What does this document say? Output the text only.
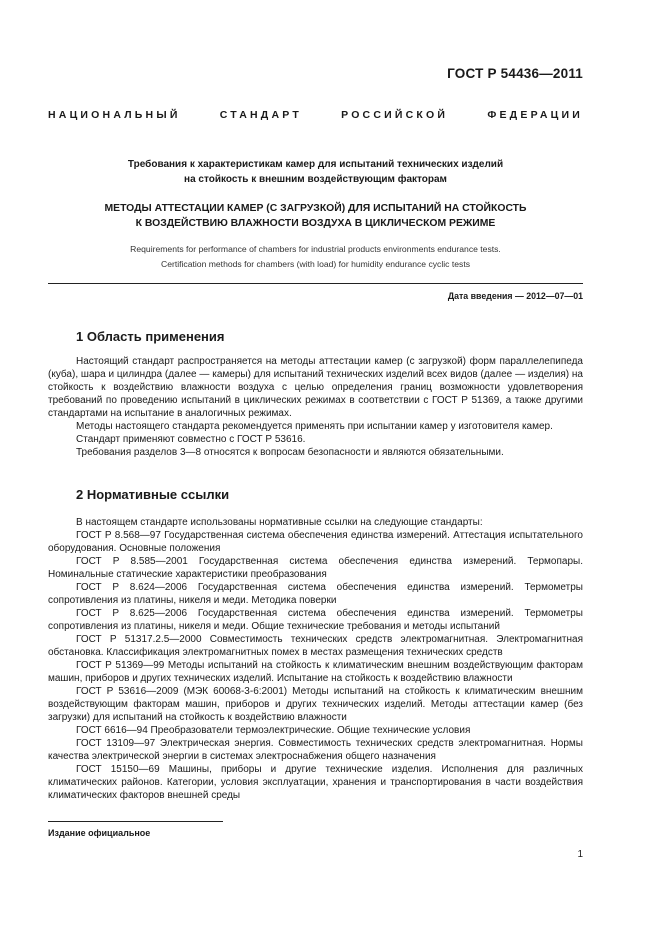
ГОСТ Р 54436—2011
НАЦИОНАЛЬНЫЙ СТАНДАРТ РОССИЙСКОЙ ФЕДЕРАЦИИ
Требования к характеристикам камер для испытаний технических изделий
на стойкость к внешним воздействующим факторам
МЕТОДЫ АТТЕСТАЦИИ КАМЕР (С ЗАГРУЗКОЙ) ДЛЯ ИСПЫТАНИЙ НА СТОЙКОСТЬ
К ВОЗДЕЙСТВИЮ ВЛАЖНОСТИ ВОЗДУХА В ЦИКЛИЧЕСКОМ РЕЖИМЕ
Requirements for performance of chambers for industrial products environments endurance tests.
Certification methods for chambers (with load) for humidity endurance cyclic tests
Дата введения — 2012—07—01
1 Область применения

Настоящий стандарт распространяется на методы аттестации камер (с загрузкой) форм параллелепипеда (куба), шара и цилиндра (далее — камеры) для испытаний технических изделий всех видов (далее — изделия) на стойкость к воздействию влажности воздуха с целью определения границ возможности удовлетворения требований по проведению испытаний в циклических режимах в соответствии с ГОСТ Р 51369, а также другими стандартами на испытание в аналогичных режимах.

Методы настоящего стандарта рекомендуется применять при испытании камер у изготовителя камер.

Стандарт применяют совместно с ГОСТ Р 53616.

Требования разделов 3—8 относятся к вопросам безопасности и являются обязательными.

2 Нормативные ссылки

В настоящем стандарте использованы нормативные ссылки на следующие стандарты:

ГОСТ Р 8.568—97 Государственная система обеспечения единства измерений. Аттестация испытательного оборудования. Основные положения

ГОСТ Р 8.585—2001 Государственная система обеспечения единства измерений. Термопары. Номинальные статические характеристики преобразования

ГОСТ Р 8.624—2006 Государственная система обеспечения единства измерений. Термометры сопротивления из платины, никеля и меди. Методика поверки

ГОСТ Р 8.625—2006 Государственная система обеспечения единства измерений. Термометры сопротивления из платины, никеля и меди. Общие технические требования и методы испытаний

ГОСТ Р 51317.2.5—2000 Совместимость технических средств электромагнитная. Электромагнитная обстановка. Классификация электромагнитных помех в местах размещения технических средств

ГОСТ Р 51369—99 Методы испытаний на стойкость к климатическим внешним воздействующим факторам машин, приборов и других технических изделий. Испытание на стойкость к воздействию влажности

ГОСТ Р 53616—2009 (МЭК 60068-3-6:2001) Методы испытаний на стойкость к климатическим внешним воздействующим факторам машин, приборов и других технических изделий. Методы аттестации камер (без загрузки) для испытаний на стойкость к воздействию влажности

ГОСТ 6616—94 Преобразователи термоэлектрические. Общие технические условия

ГОСТ 13109—97 Электрическая энергия. Совместимость технических средств электромагнитная. Нормы качества электрической энергии в системах электроснабжения общего назначения

ГОСТ 15150—69 Машины, приборы и другие технические изделия. Исполнения для различных климатических районов. Категории, условия эксплуатации, хранения и транспортирования в части воздействия климатических факторов внешней среды

Издание официальное
1
